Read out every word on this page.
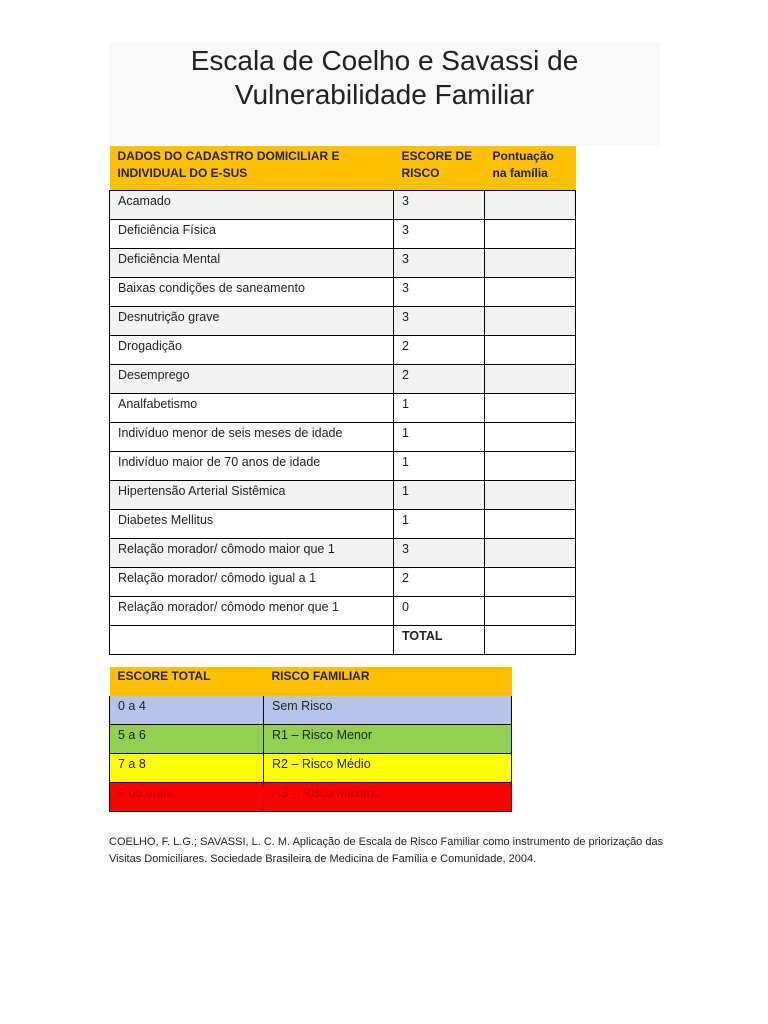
Escala de Coelho e Savassi de
Vulnerabilidade Familiar
DADOS DO CADASTRO DOMICILIAR E INDIVIDUAL DO E-SUS	ESCORE DE RISCO	Pontuação na família
Acamado	3	
Deficiência Física	3	
Deficiência Mental	3	
Baixas condições de saneamento	3	
Desnutrição grave	3	
Drogadição	2	
Desemprego	2	
Analfabetismo	1	
Indivíduo menor de seis meses de idade	1	
Indivíduo maior de 70 anos de idade	1	
Hipertensão Arterial Sistêmica	1	
Diabetes Mellitus	1	
Relação morador/ cômodo maior que 1	3	
Relação morador/ cômodo igual a 1	2	
Relação morador/ cômodo menor que 1	0	
	TOTAL	
ESCORE TOTAL	RISCO FAMILIAR
0 a 4	Sem Risco
5 a 6	R1 – Risco Menor
7 a 8	R2 – Risco Médio
9 ou mais	R3 – Risco Máximo
COELHO, F. L.G.; SAVASSI, L. C. M. Aplicação de Escala de Risco Familiar como instrumento de priorização das Visitas Domiciliares. Sociedade Brasileira de Medicina de Família e Comunidade, 2004.
